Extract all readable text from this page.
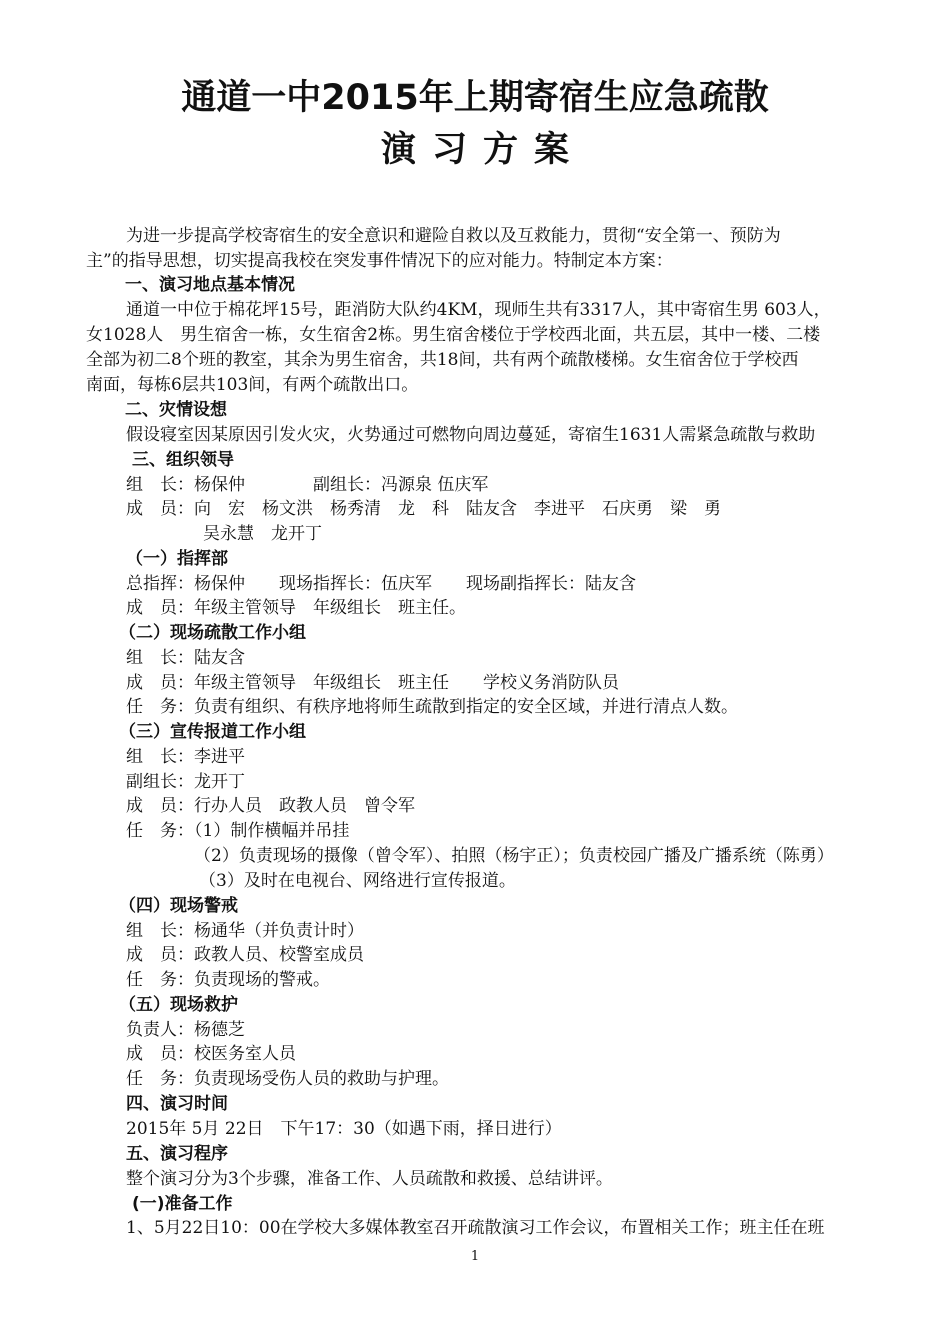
通道一中2015年上期寄宿生应急疏散
演习方案
为进一步提高学校寄宿生的安全意识和避险自救以及互救能力，贯彻“安全第一、预防为
主”的指导思想，切实提高我校在突发事件情况下的应对能力。特制定本方案：
一、演习地点基本情况
通道一中位于棉花坪15号，距消防大队约4KM，现师生共有3317人，其中寄宿生男 603人，
女1028人　男生宿舍一栋，女生宿舍2栋。男生宿舍楼位于学校西北面，共五层，其中一楼、二楼
全部为初二8个班的教室，其余为男生宿舍，共18间，共有两个疏散楼梯。女生宿舍位于学校西
南面，每栋6层共103间，有两个疏散出口。
二、灾情设想
假设寝室因某原因引发火灾，火势通过可燃物向周边蔓延，寄宿生1631人需紧急疏散与救助
三、组织领导
组　长：杨保仲　　　　副组长：冯源泉 伍庆军
成　员：向　宏　杨文洪　杨秀清　龙　科　陆友含　李进平　石庆勇　梁　勇
吴永慧　龙开丁
（一）指挥部
总指挥：杨保仲　　现场指挥长：伍庆军　　现场副指挥长：陆友含
成　员：年级主管领导　年级组长　班主任。
（二）现场疏散工作小组
组　长：陆友含
成　员：年级主管领导　年级组长　班主任　　学校义务消防队员
任　务：负责有组织、有秩序地将师生疏散到指定的安全区域，并进行清点人数。
（三）宣传报道工作小组
组　长：李进平
副组长：龙开丁
成　员：行办人员　政教人员　曾令军
任　务：（1）制作横幅并吊挂
（2）负责现场的摄像（曾令军）、拍照（杨宇正）；负责校园广播及广播系统（陈勇）
（3）及时在电视台、网络进行宣传报道。
（四）现场警戒
组　长：杨通华（并负责计时）
成　员：政教人员、校警室成员
任　务：负责现场的警戒。
（五）现场救护
负责人：杨德芝
成　员：校医务室人员
任　务：负责现场受伤人员的救助与护理。
四、演习时间
2015年 5月 22日　下午17：30（如遇下雨，择日进行）
五、演习程序
整个演习分为3个步骤，准备工作、人员疏散和救援、总结讲评。
(一)准备工作
1、5月22日10：00在学校大多媒体教室召开疏散演习工作会议，布置相关工作；班主任在班
1
